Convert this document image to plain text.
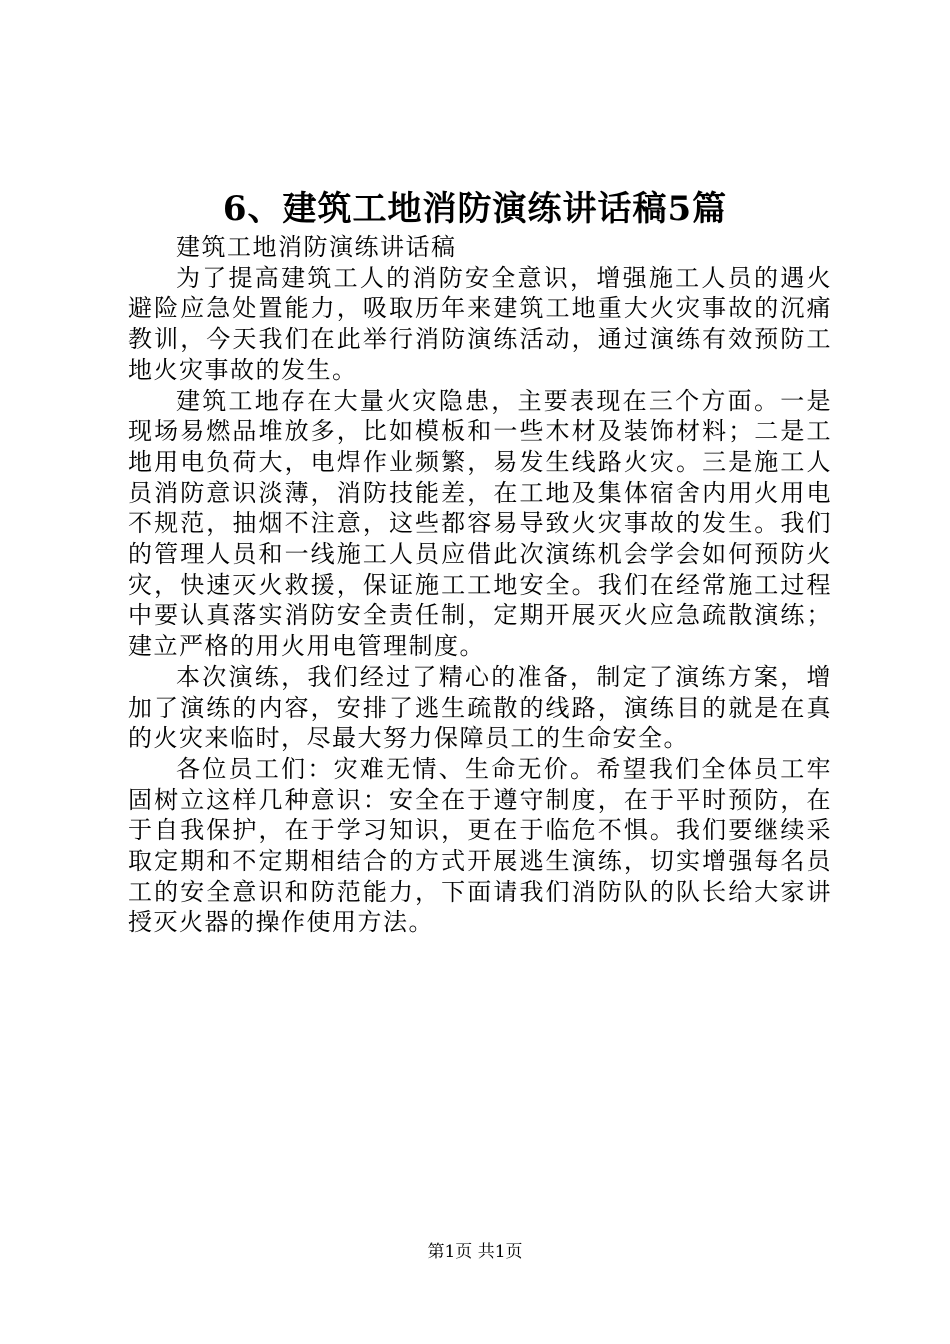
6、建筑工地消防演练讲话稿5篇

建筑工地消防演练讲话稿

为了提高建筑工人的消防安全意识，增强施工人员的遇火避险应急处置能力，吸取历年来建筑工地重大火灾事故的沉痛教训，今天我们在此举行消防演练活动，通过演练有效预防工地火灾事故的发生。

建筑工地存在大量火灾隐患，主要表现在三个方面。一是现场易燃品堆放多，比如模板和一些木材及装饰材料；二是工地用电负荷大，电焊作业频繁，易发生线路火灾。三是施工人员消防意识淡薄，消防技能差，在工地及集体宿舍内用火用电不规范，抽烟不注意，这些都容易导致火灾事故的发生。我们的管理人员和一线施工人员应借此次演练机会学会如何预防火灾，快速灭火救援，保证施工工地安全。我们在经常施工过程中要认真落实消防安全责任制，定期开展灭火应急疏散演练；建立严格的用火用电管理制度。

本次演练，我们经过了精心的准备，制定了演练方案，增加了演练的内容，安排了逃生疏散的线路，演练目的就是在真的火灾来临时，尽最大努力保障员工的生命安全。

各位员工们：灾难无情、生命无价。希望我们全体员工牢固树立这样几种意识：安全在于遵守制度，在于平时预防，在于自我保护，在于学习知识，更在于临危不惧。我们要继续采取定期和不定期相结合的方式开展逃生演练，切实增强每名员工的安全意识和防范能力，下面请我们消防队的队长给大家讲授灭火器的操作使用方法。

第1页 共1页
